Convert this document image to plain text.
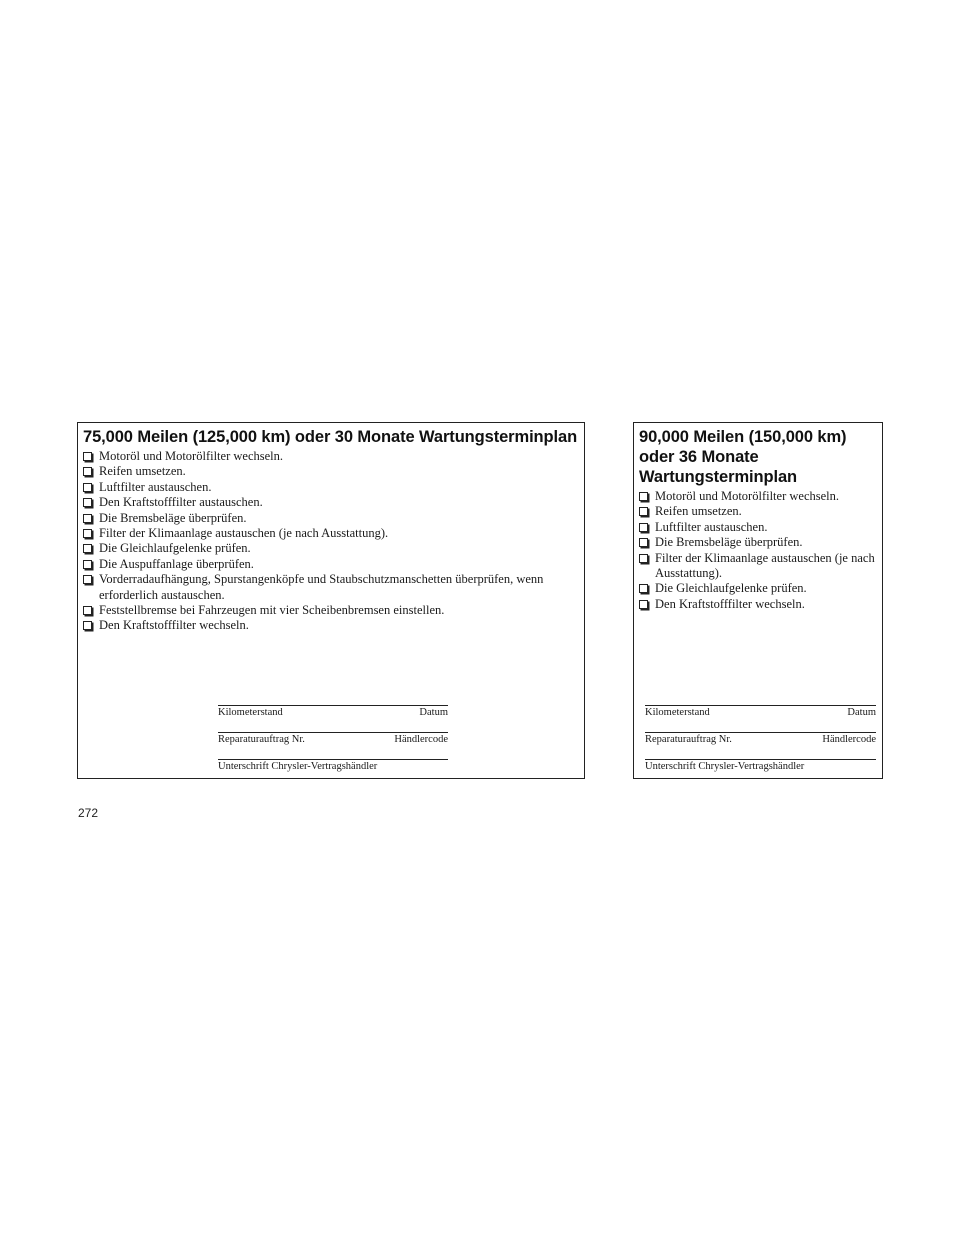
75,000 Meilen (125,000 km) oder 30 Monate Wartungsterminplan
Motoröl und Motorölfilter wechseln.
Reifen umsetzen.
Luftfilter austauschen.
Den Kraftstofffilter austauschen.
Die Bremsbeläge überprüfen.
Filter der Klimaanlage austauschen (je nach Ausstattung).
Die Gleichlaufgelenke prüfen.
Die Auspuffanlage überprüfen.
Vorderradaufhängung, Spurstangenköpfe und Staubschutzmanschetten überprüfen, wenn erforderlich austauschen.
Feststellbremse bei Fahrzeugen mit vier Scheibenbremsen einstellen.
Den Kraftstofffilter wechseln.
Kilometerstand	Datum
Reparaturauftrag Nr.	Händlercode
Unterschrift Chrysler-Vertragshändler
90,000 Meilen (150,000 km) oder 36 Monate Wartungsterminplan
Motoröl und Motorölfilter wechseln.
Reifen umsetzen.
Luftfilter austauschen.
Die Bremsbeläge überprüfen.
Filter der Klimaanlage austauschen (je nach Ausstattung).
Die Gleichlaufgelenke prüfen.
Den Kraftstofffilter wechseln.
Kilometerstand	Datum
Reparaturauftrag Nr.	Händlercode
Unterschrift Chrysler-Vertragshändler
272
